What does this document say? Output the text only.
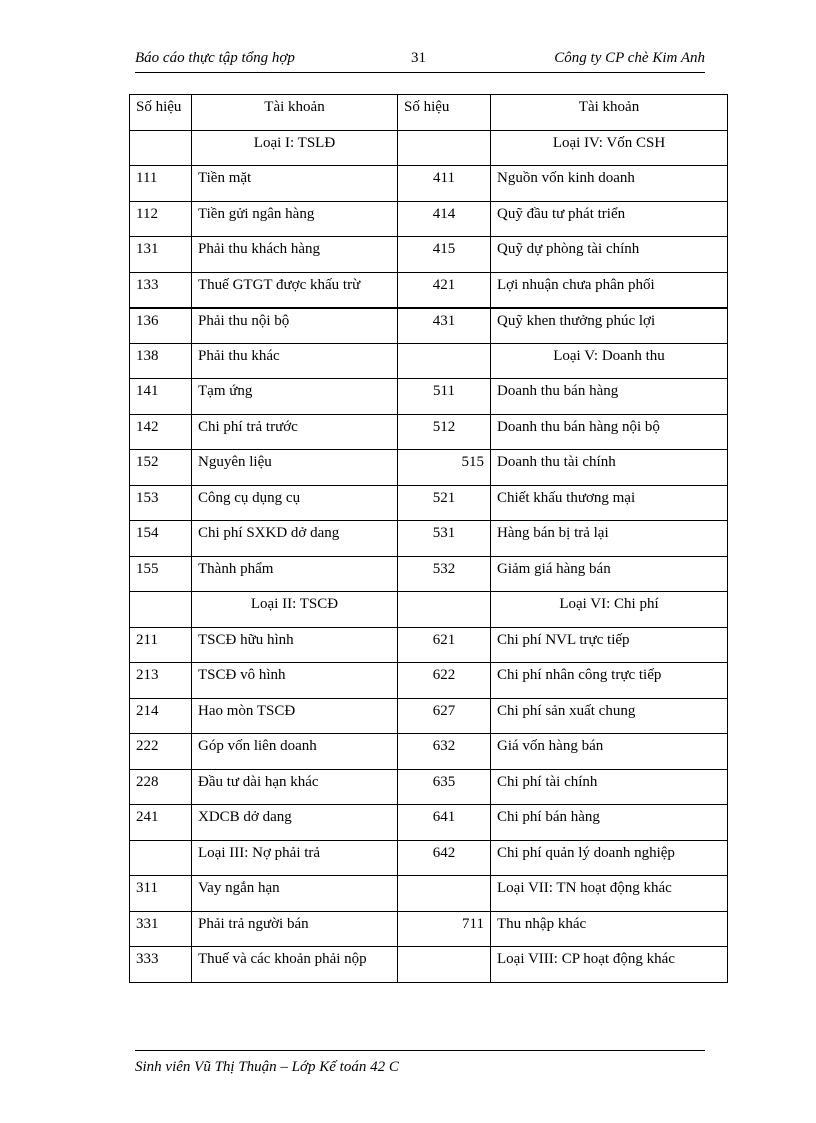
Báo cáo thực tập tổng hợp	31	Công ty CP chè Kim Anh
Số hiệu	Tài khoản	Số hiệu	Tài khoản
	Loại I: TSLĐ		Loại IV: Vốn CSH
111	Tiền mặt	411	Nguồn vốn kinh doanh
112	Tiền gửi ngân hàng	414	Quỹ đầu tư phát triển
131	Phải thu khách hàng	415	Quỹ dự phòng tài chính
133	Thuế GTGT được khấu trừ	421	Lợi nhuận chưa phân phối
136	Phải thu nội bộ	431	Quỹ khen thưởng phúc lợi
138	Phải thu khác		Loại V: Doanh thu
141	Tạm ứng	511	Doanh thu bán hàng
142	Chi phí trả trước	512	Doanh thu bán hàng nội bộ
152	Nguyên liệu	515	Doanh thu tài chính
153	Công cụ dụng cụ	521	Chiết khấu thương mại
154	Chi phí SXKD dở dang	531	Hàng bán bị trả lại
155	Thành phẩm	532	Giảm giá hàng bán
	Loại II: TSCĐ		Loại VI: Chi phí
211	TSCĐ hữu hình	621	Chi phí NVL trực tiếp
213	TSCĐ vô hình	622	Chi phí nhân công trực tiếp
214	Hao mòn TSCĐ	627	Chi phí sản xuất chung
222	Góp vốn liên doanh	632	Giá vốn hàng bán
228	Đầu tư dài hạn khác	635	Chi phí tài chính
241	XDCB dở dang	641	Chi phí bán hàng
	Loại III: Nợ phải trả	642	Chi phí quản lý doanh nghiệp
311	Vay ngắn hạn		Loại VII: TN hoạt động khác
331	Phải trả người bán	711	Thu nhập khác
333	Thuế và các khoản phải nộp		Loại VIII: CP hoạt động khác
Sinh viên Vũ Thị Thuận – Lớp Kế toán 42 C
